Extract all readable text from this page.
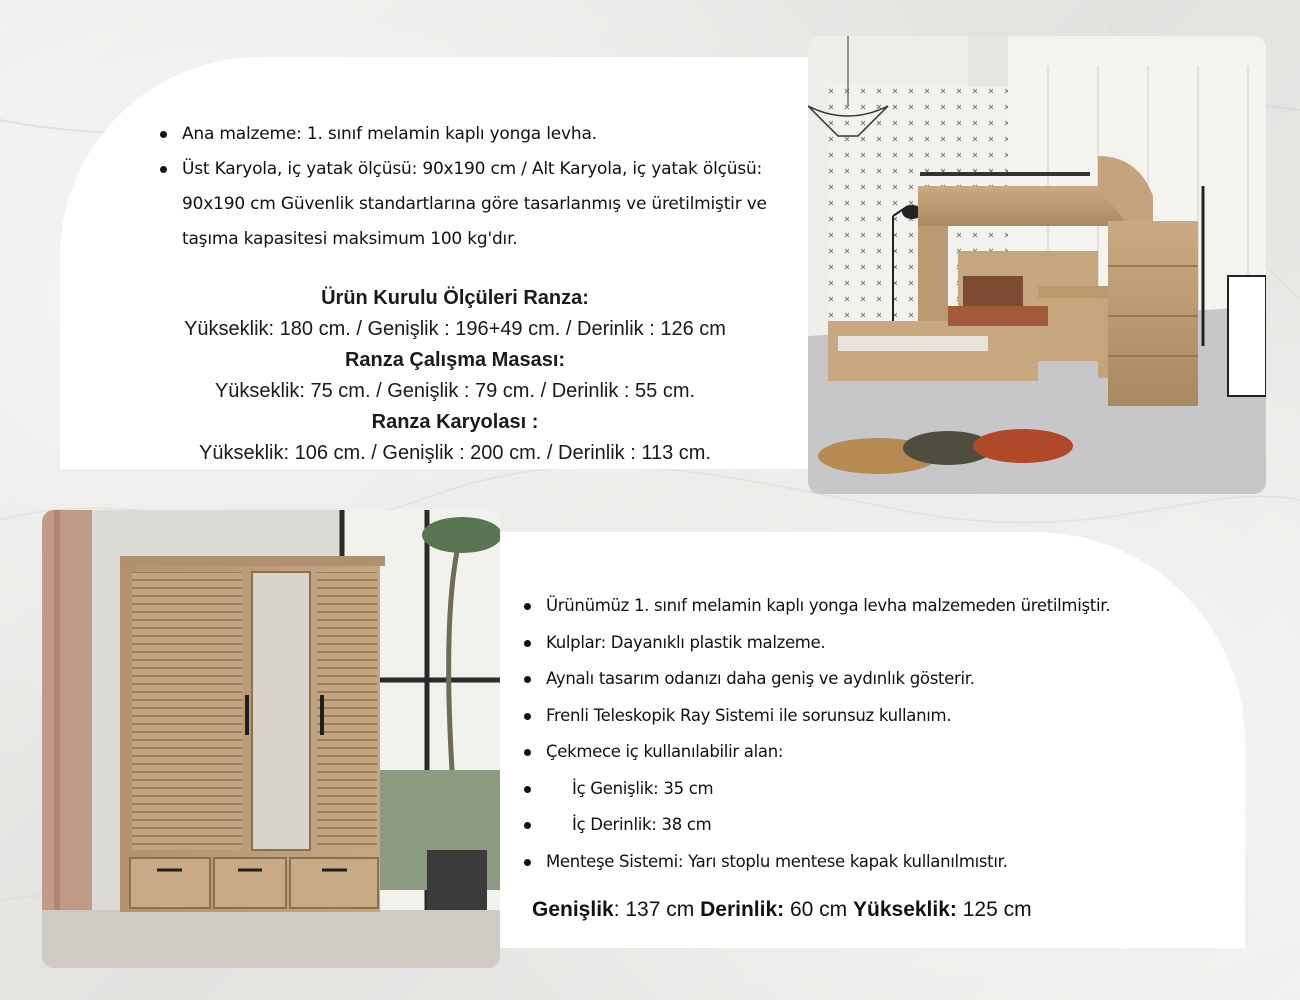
Ana malzeme: 1. sınıf melamin kaplı yonga levha.
Üst Karyola, iç yatak ölçüsü: 90x190 cm / Alt Karyola, iç yatak ölçüsü: 90x190 cm Güvenlik standartlarına göre tasarlanmış ve üretilmiştir ve taşıma kapasitesi maksimum 100 kg'dır.
Ürün Kurulu Ölçüleri Ranza:
Yükseklik: 180 cm. / Genişlik : 196+49 cm. / Derinlik : 126 cm
Ranza Çalışma Masası:
Yükseklik: 75 cm. / Genişlik : 79 cm. / Derinlik : 55 cm.
Ranza Karyolası :
Yükseklik: 106 cm. / Genişlik : 200 cm. / Derinlik : 113 cm.
Ürünümüz 1. sınıf melamin kaplı yonga levha malzemeden üretilmiştir.
Kulplar: Dayanıklı plastik malzeme.
Aynalı tasarım odanızı daha geniş ve aydınlık gösterir.
Frenli Teleskopik Ray Sistemi ile sorunsuz kullanım.
Çekmece iç kullanılabilir alan:
İç Genişlik: 35 cm
İç Derinlik: 38 cm
Menteşe Sistemi: Yarı stoplu mentese kapak kullanılmıstır.
Genişlik: 137 cm Derinlik: 60 cm Yükseklik: 125 cm
